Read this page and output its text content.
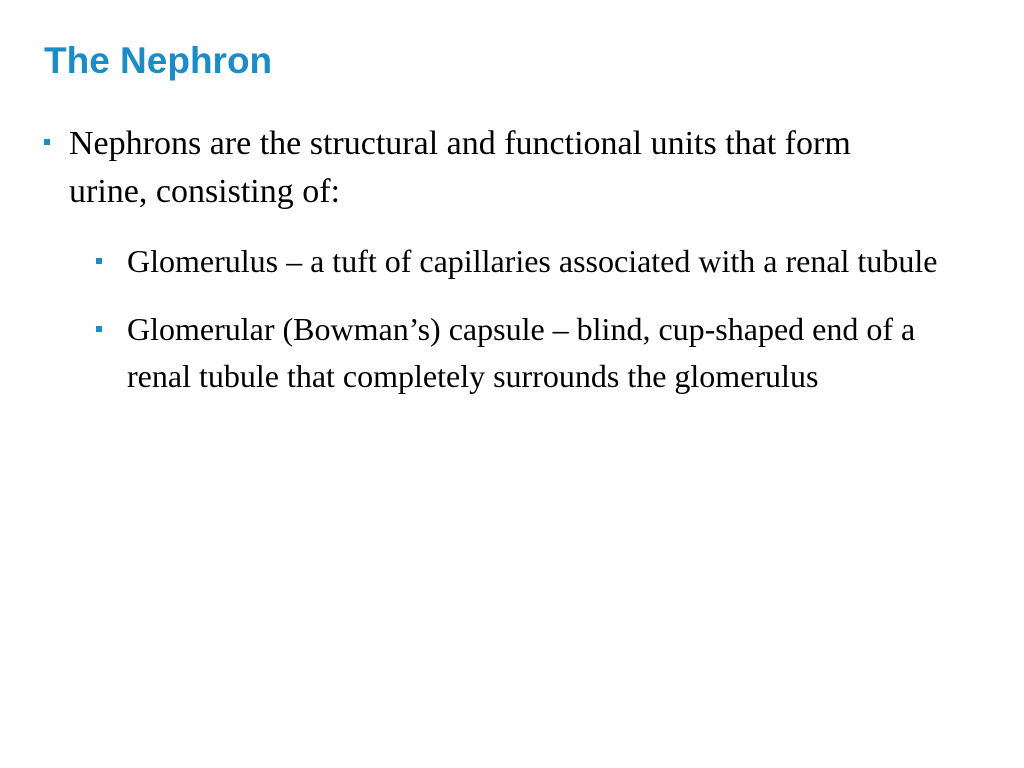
The Nephron
Nephrons are the structural and functional units that form urine, consisting of:
Glomerulus – a tuft of capillaries associated with a renal tubule
Glomerular (Bowman’s) capsule – blind, cup-shaped end of a renal tubule that completely surrounds the glomerulus
